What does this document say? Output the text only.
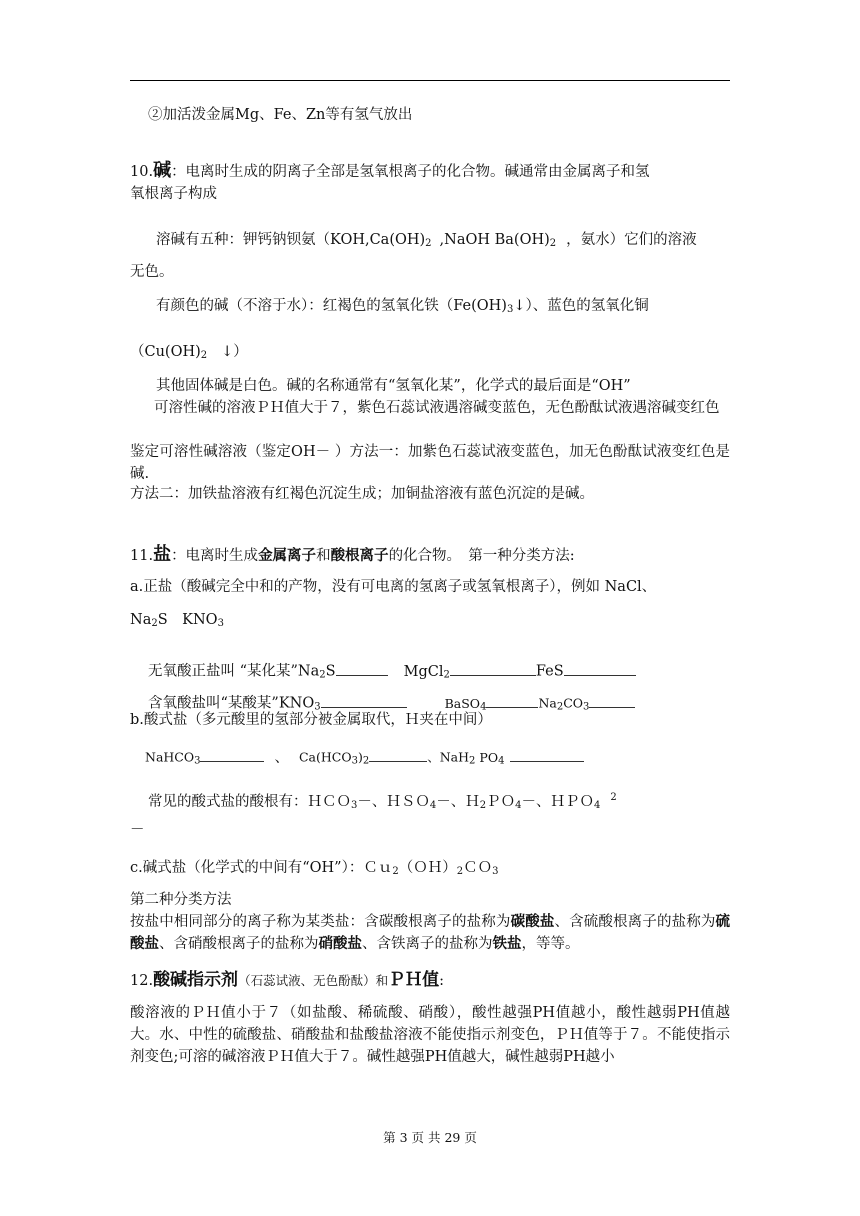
②加活泼金属Mg、Fe、Zn等有氢气放出
10.碱：电离时生成的阴离子全部是氢氧根离子的化合物。碱通常由金属离子和氢
氧根离子构成
溶碱有五种：钾钙钠钡氨（$KOH,Ca(OH)_2$ ,NaOH $Ba(OH)_2$ ，氨水）它们的溶液
无色。
有颜色的碱（不溶于水）：红褐色的氢氧化铁$(Fe(OH)_3↓)$、蓝色的氢氧化铜
（$Cu(OH)_2$ ↓）
其他固体碱是白色。碱的名称通常有“氢氧化某”，化学式的最后面是“OH”
可溶性碱的溶液ＰＨ值大于７，紫色石蕊试液遇溶碱变蓝色，无色酚酞试液遇溶碱变红色
鉴定可溶性碱溶液（鉴定OH－ ）方法一：加紫色石蕊试液变蓝色，加无色酚酞试液变红色是碱.
方法二：加铁盐溶液有红褐色沉淀生成；加铜盐溶液有蓝色沉淀的是碱。
11.盐：电离时生成金属离子和酸根离子的化合物。　第一种分类方法:
a.正盐（酸碱完全中和的产物，没有可电离的氢离子或氢氧根离子），例如 NaCl、
$Na_2S$　$KNO_3$
无氧酸正盐叫 “某化某$”Na_2S$	MgCl$_2$	FeS
含氧酸盐叫“某酸某$”KNO_3$	BaSO$_4$	$Na_2CO_3$
b.酸式盐（多元酸里的氢部分被金属取代，Ｈ夹在中间）
NaHCO$_3$	、 $Ca(HCO_3)_2$	、NaH$_2$ $PO_4$
常见的酸式盐的酸根有：ＨＣＯ$_3$－、ＨＳＯ$_4$－、Ｈ$_2$ＰＯ$_4$－、ＨＰＯ$_4^2$
－
c.碱式盐（化学式的中间有“OH”）：$Cu_2(OH)_2CO_3$
第二种分类方法
按盐中相同部分的离子称为某类盐：含碳酸根离子的盐称为碳酸盐、含硫酸根离子的盐称为硫酸盐、含硝酸根离子的盐称为硝酸盐、含铁离子的盐称为铁盐，等等。
12.酸碱指示剂（石蕊试液、无色酚酞）和ＰＨ值:
酸溶液的ＰＨ值小于７（如盐酸、稀硫酸、硝酸），酸性越强PH值越小，酸性越弱PH值越大。水、中性的硫酸盐、硝酸盐和盐酸盐溶液不能使指示剂变色，ＰＨ值等于７。不能使指示剂变色;可溶的碱溶液ＰＨ值大于７。碱性越强PH值越大，碱性越弱PH越小
第 3 页 共 29 页
